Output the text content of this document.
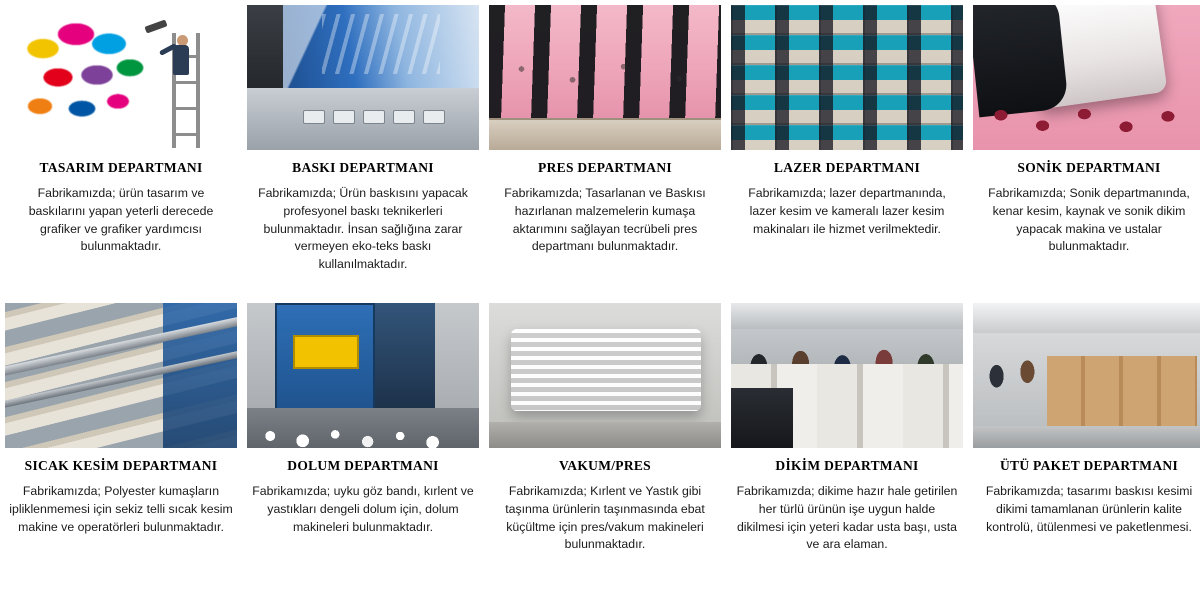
TASARIM DEPARTMANI
Fabrikamızda; ürün tasarım ve baskılarını yapan yeterli derecede grafiker ve grafiker yardımcısı bulunmaktadır.
BASKI DEPARTMANI
Fabrikamızda; Ürün baskısını yapacak profesyonel baskı teknikerleri bulunmaktadır. İnsan sağlığına zarar vermeyen eko-teks baskı kullanılmaktadır.
PRES DEPARTMANI
Fabrikamızda; Tasarlanan ve Baskısı hazırlanan malzemelerin kumaşa aktarımını sağlayan tecrübeli pres departmanı bulunmaktadır.
LAZER DEPARTMANI
Fabrikamızda; lazer departmanında, lazer kesim ve kameralı lazer kesim makinaları ile hizmet verilmektedir.
SONİK DEPARTMANI
Fabrikamızda; Sonik departmanında, kenar kesim, kaynak ve sonik dikim yapacak makina ve ustalar bulunmaktadır.
SICAK KESİM DEPARTMANI
Fabrikamızda; Polyester kumaşların ipliklenmemesi için sekiz telli sıcak kesim makine ve operatörleri bulunmaktadır.
DOLUM DEPARTMANI
Fabrikamızda; uyku göz bandı, kırlent ve yastıkları dengeli dolum için, dolum makineleri bulunmaktadır.
VAKUM/PRES
Fabrikamızda; Kırlent ve Yastık gibi taşınma ürünlerin taşınmasında ebat küçültme için pres/vakum makineleri bulunmaktadır.
DİKİM DEPARTMANI
Fabrikamızda; dikime hazır hale getirilen her türlü ürünün işe uygun halde dikilmesi için yeteri kadar usta başı, usta ve ara elaman.
ÜTÜ PAKET DEPARTMANI
Fabrikamızda; tasarımı baskısı kesimi dikimi tamamlanan ürünlerin kalite kontrolü, ütülenmesi ve paketlenmesi.
